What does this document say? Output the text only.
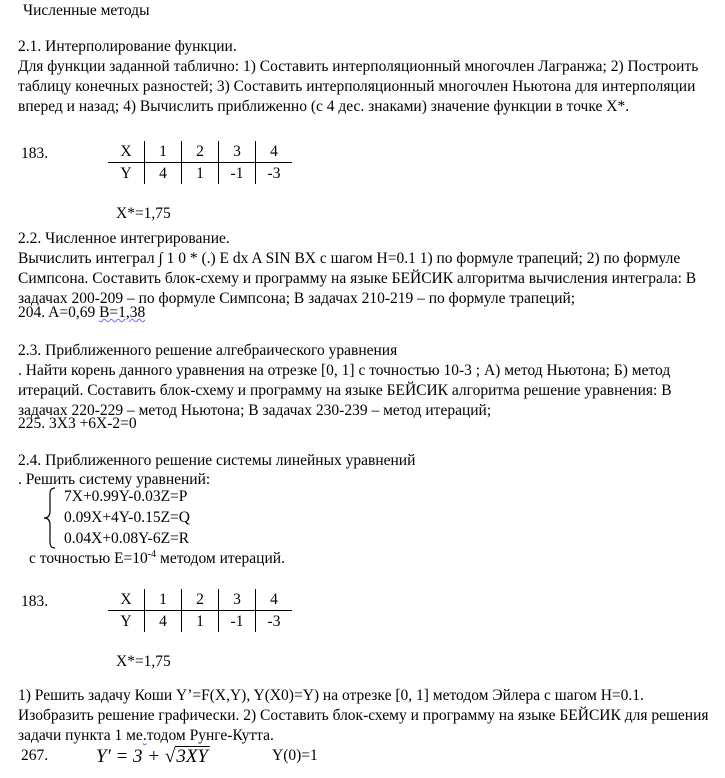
Численные методы
2.1. Интерполирование функции.
Для функции заданной таблично: 1) Составить интерполяционный многочлен Лагранжа; 2) Построить таблицу конечных разностей; 3) Составить интерполяционный многочлен Ньютона для интерполяции вперед и назад; 4) Вычислить приближенно (с 4 дес. знаками) значение функции в точке X*.
183.	X	1	2	3	4
Y	4	1	-1	-3
X*=1,75
2.2. Численное интегрирование.
Вычислить интеграл ∫ 1 0 * (.) E dx A SIN BX с шагом H=0.1 1) по формуле трапеций; 2) по формуле Симпсона. Составить блок-схему и программу на языке БЕЙСИК алгоритма вычисления интеграла: В задачах 200-209 – по формуле Симпсона; В задачах 210-219 – по формуле трапеций;
204. A=0,69 B=1,38
2.3. Приближенного решение алгебраического уравнения
. Найти корень данного уравнения на отрезке [0, 1] с точностью 10-3 ; А) метод Ньютона; Б) метод итераций. Составить блок-схему и программу на языке БЕЙСИК алгоритма решение уравнения: В задачах 220-229 – метод Ньютона; В задачах 230-239 – метод итераций;
225. 3X3 +6X-2=0
2.4. Приближенного решение системы линейных уравнений
. Решить систему уравнений:
7X+0.99Y-0.03Z=P
0.09X+4Y-0.15Z=Q
0.04X+0.08Y-6Z=R
с точностью $E=10^{-4}$ методом итераций.
183.	X	1	2	3	4
Y	4	1	-1	-3
X*=1,75
1) Решить задачу Коши Y’=F(X,Y), Y(X0)=Y) на отрезке [0, 1] методом Эйлера с шагом H=0.1. Изобразить решение графически. 2) Составить блок-схему и программу на языке БЕЙСИК для решения задачи пункта 1 ме.тодом Рунге-Кутта.
267.	Y′ = 3 + √3XY	Y(0)=1
